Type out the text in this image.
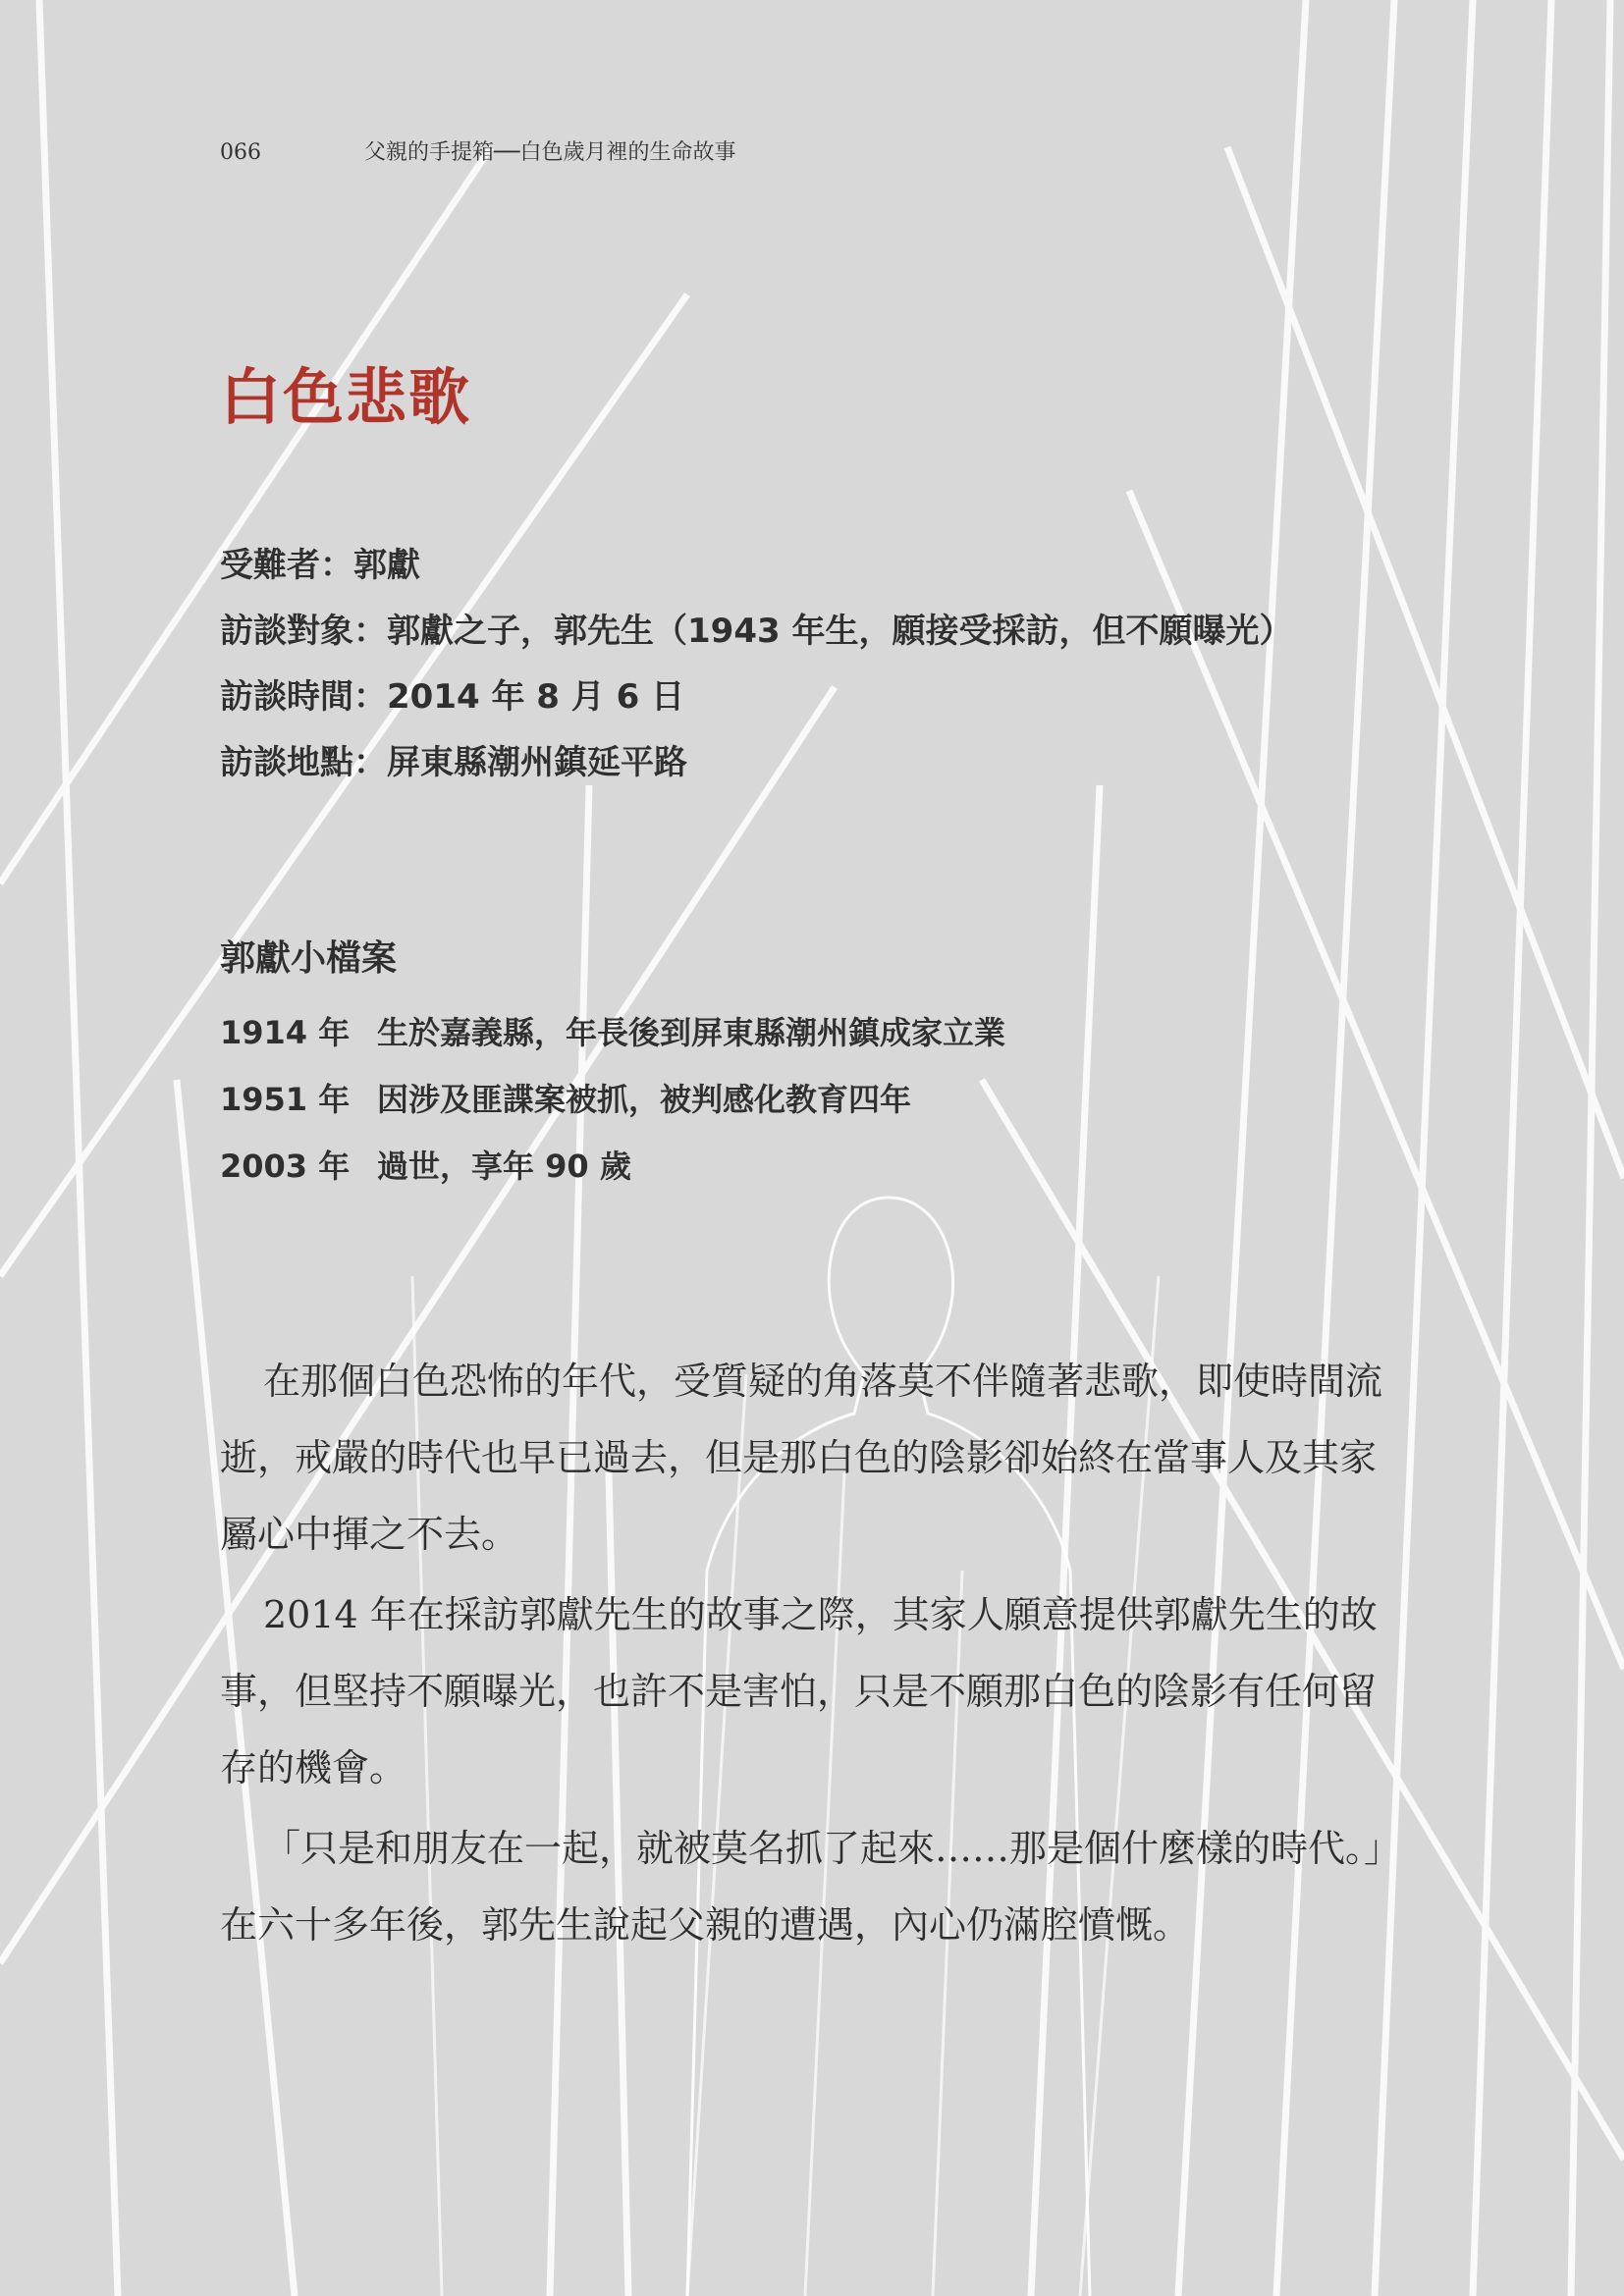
066	父親的手提箱──白色歲月裡的生命故事
白色悲歌
受難者：郭獻
訪談對象：郭獻之子，郭先生（1943 年生，願接受採訪，但不願曝光）
訪談時間：2014 年 8 月 6 日
訪談地點：屏東縣潮州鎮延平路
郭獻小檔案
1914 年 生於嘉義縣，年長後到屏東縣潮州鎮成家立業
1951 年 因涉及匪諜案被抓，被判感化教育四年
2003 年 過世，享年 90 歲

在那個白色恐怖的年代，受質疑的角落莫不伴隨著悲歌，即使時間流逝，戒嚴的時代也早已過去，但是那白色的陰影卻始終在當事人及其家屬心中揮之不去。

2014 年在採訪郭獻先生的故事之際，其家人願意提供郭獻先生的故事，但堅持不願曝光，也許不是害怕，只是不願那白色的陰影有任何留存的機會。

「只是和朋友在一起，就被莫名抓了起來……那是個什麼樣的時代。」在六十多年後，郭先生說起父親的遭遇，內心仍滿腔憤慨。
